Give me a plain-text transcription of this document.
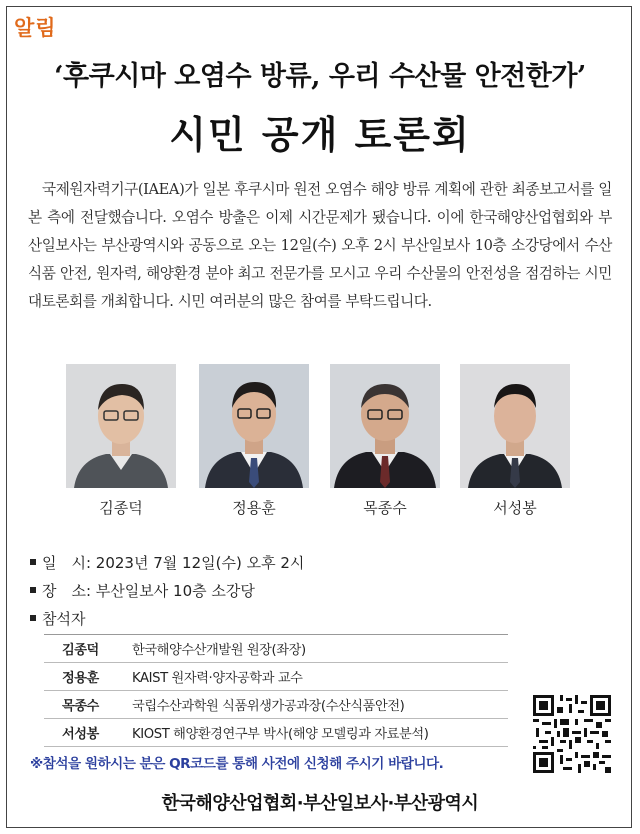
알림
‘후쿠시마 오염수 방류, 우리 수산물 안전한가’
시민 공개 토론회
국제원자력기구(IAEA)가 일본 후쿠시마 원전 오염수 해양 방류 계획에 관한 최종보고서를 일본 측에 전달했습니다. 오염수 방출은 이제 시간문제가 됐습니다. 이에 한국해양산업협회와 부산일보사는 부산광역시와 공동으로 오는 12일(수) 오후 2시 부산일보사 10층 소강당에서 수산식품 안전, 원자력, 해양환경 분야 최고 전문가를 모시고 우리 수산물의 안전성을 점검하는 시민 대토론회를 개최합니다. 시민 여러분의 많은 참여를 부탁드립니다.
김종덕	정용훈	목종수	서성봉
일　시: 2023년 7월 12일(수) 오후 2시
장　소: 부산일보사 10층 소강당
참석자
김종덕	한국해양수산개발원 원장(좌장)
정용훈	KAIST 원자력·양자공학과 교수
목종수	국립수산과학원 식품위생가공과장(수산식품안전)
서성봉	KIOST 해양환경연구부 박사(해양 모델링과 자료분석)
※참석을 원하시는 분은 QR코드를 통해 사전에 신청해 주시기 바랍니다.
한국해양산업협회·부산일보사·부산광역시
